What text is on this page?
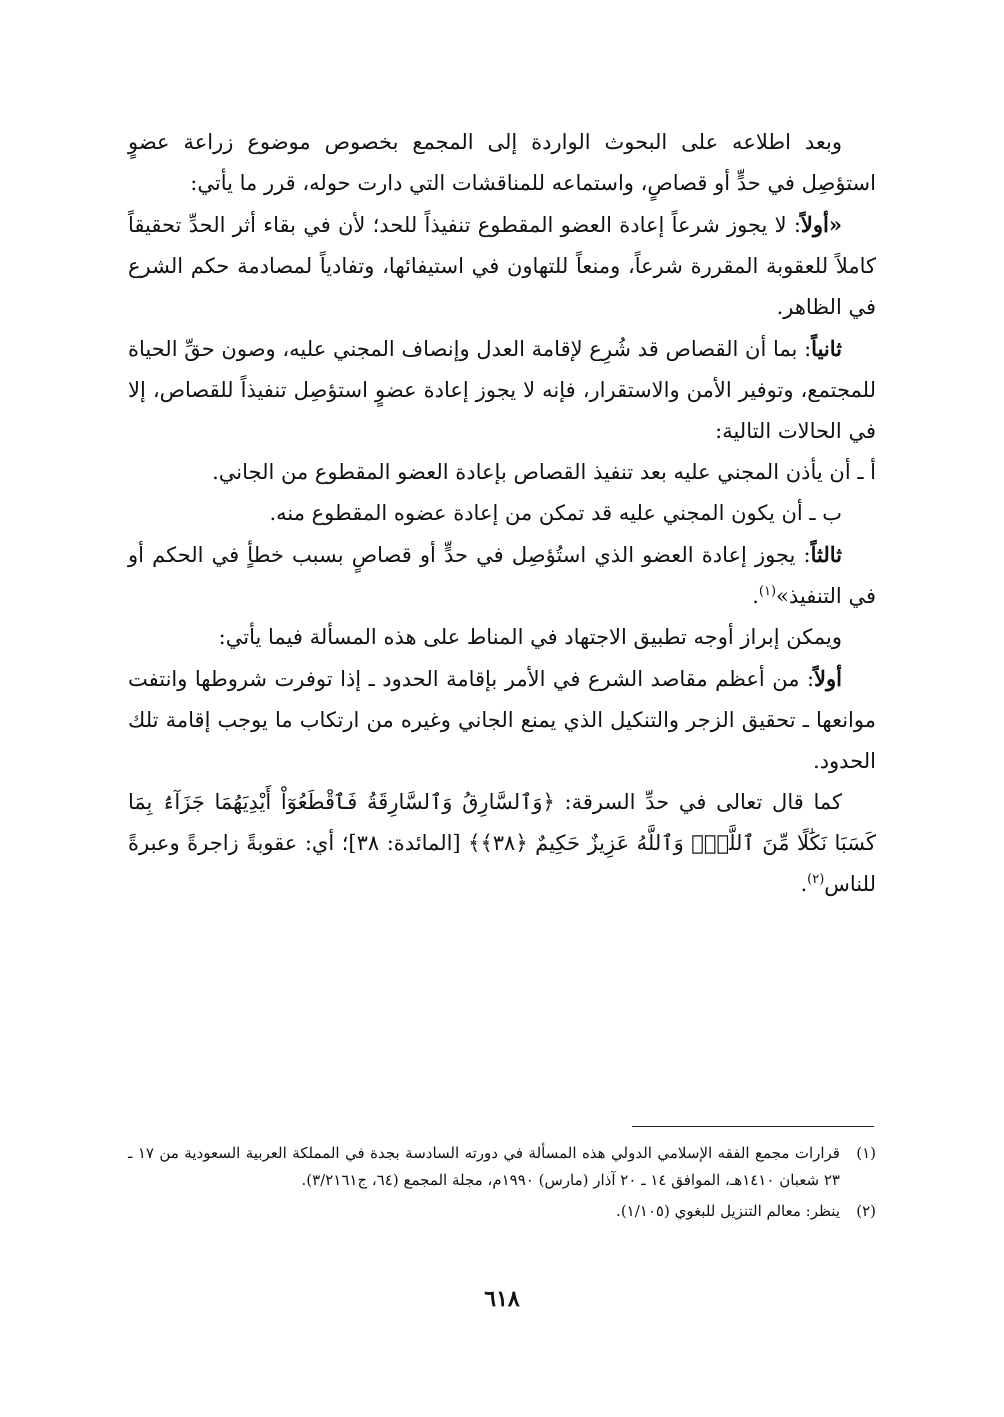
وبعد اطلاعه على البحوث الواردة إلى المجمع بخصوص موضوع زراعة عضوٍ استؤصِل في حدٍّ أو قصاصٍ، واستماعه للمناقشات التي دارت حوله، قرر ما يأتي:

«أولاً: لا يجوز شرعاً إعادة العضو المقطوع تنفيذاً للحد؛ لأن في بقاء أثر الحدِّ تحقيقاً كاملاً للعقوبة المقررة شرعاً، ومنعاً للتهاون في استيفائها، وتفادياً لمصادمة حكم الشرع في الظاهر.

ثانياً: بما أن القصاص قد شُرِع لإقامة العدل وإنصاف المجني عليه، وصون حقِّ الحياة للمجتمع، وتوفير الأمن والاستقرار، فإنه لا يجوز إعادة عضوٍ استؤصِل تنفيذاً للقصاص، إلا في الحالات التالية:

أ ـ أن يأذن المجني عليه بعد تنفيذ القصاص بإعادة العضو المقطوع من الجاني.

ب ـ أن يكون المجني عليه قد تمكن من إعادة عضوه المقطوع منه.

ثالثاً: يجوز إعادة العضو الذي استُؤصِل في حدٍّ أو قصاصٍ بسبب خطأٍ في الحكم أو في التنفيذ»$^{(١)}$.

ويمكن إبراز أوجه تطبيق الاجتهاد في المناط على هذه المسألة فيما يأتي:

أولاً: من أعظم مقاصد الشرع في الأمر بإقامة الحدود ـ إذا توفرت شروطها وانتفت موانعها ـ تحقيق الزجر والتنكيل الذي يمنع الجاني وغيره من ارتكاب ما يوجب إقامة تلك الحدود.

كما قال تعالى في حدِّ السرقة: ﴿وَٱلسَّارِقُ وَٱلسَّارِقَةُ فَٱقْطَعُوٓاْ أَيْدِيَهُمَا جَزَآءَۢ بِمَا كَسَبَا نَكَٰلًا مِّنَ ٱللَّهِۗ وَٱللَّهُ عَزِيزٌ حَكِيمٌ ﴿٣٨﴾﴾ [المائدة: ٣٨]؛ أي: عقوبةً زاجرةً وعبرةً للناس$^{(٢)}$.

(١)
قرارات مجمع الفقه الإسلامي الدولي هذه المسألة في دورته السادسة بجدة في المملكة العربية السعودية من ١٧ ـ ٢٣ شعبان ١٤١٠هـ، الموافق ١٤ ـ ٢٠ آذار (مارس) ١٩٩٠م، مجلة المجمع (٦٤، ج٣/٢١٦١).
(٢)
ينظر: معالم التنزيل للبغوي (١/١٠٥).
٦١٨
